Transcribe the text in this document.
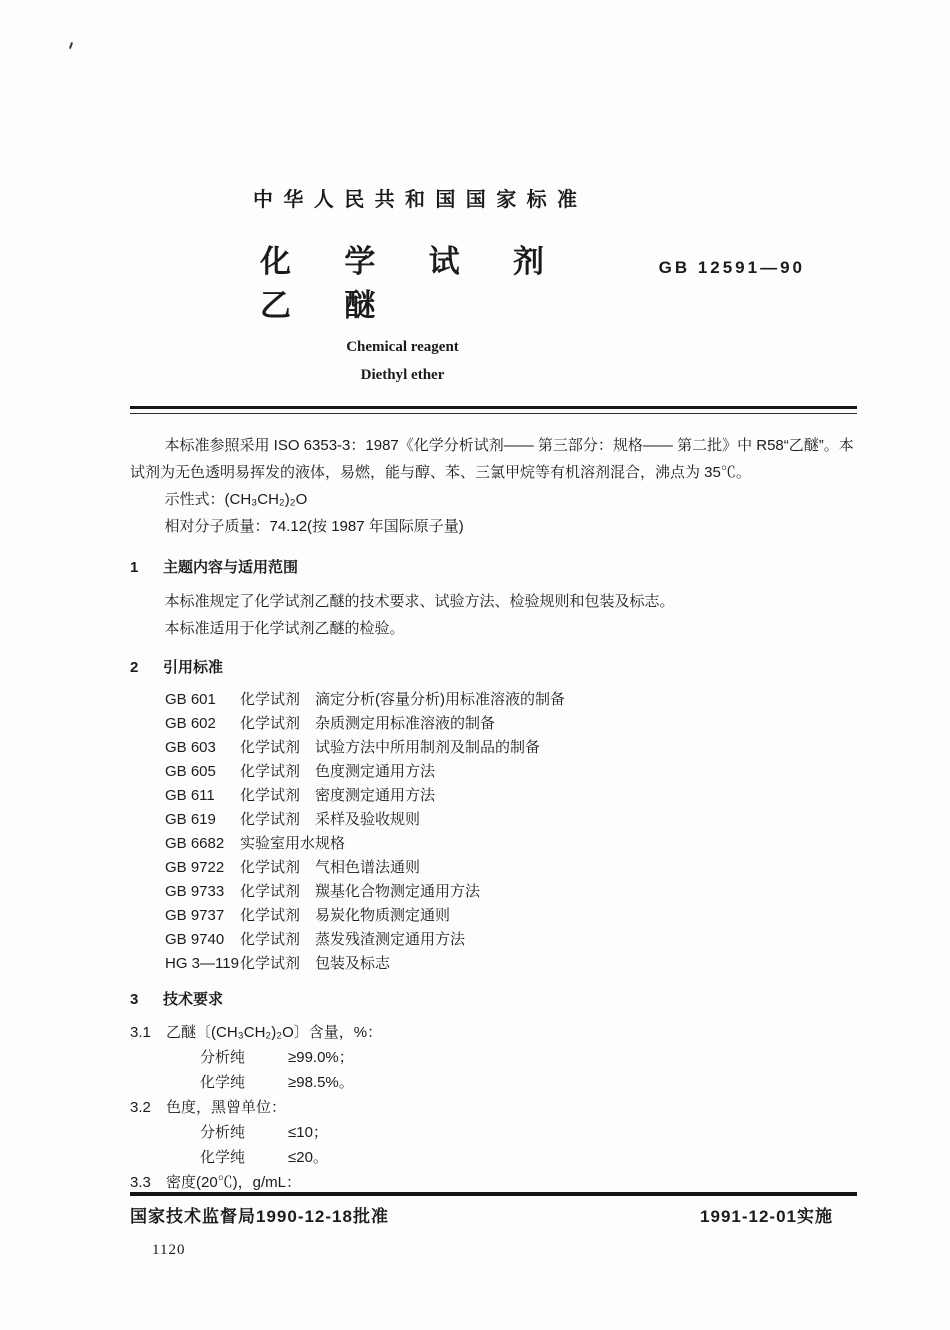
中华人民共和国国家标准
化学试剂
乙醚
GB 12591—90
Chemical reagent
Diethyl ether

本标准参照采用 ISO 6353-3：1987《化学分析试剂—— 第三部分：规格—— 第二批》中 R58“乙醚”。本试剂为无色透明易挥发的液体，易燃，能与醇、苯、三氯甲烷等有机溶剂混合，沸点为 35℃。

示性式：(CH₃CH₂)₂O

相对分子质量：74.12(按 1987 年国际原子量)

1 主题内容与适用范围

本标准规定了化学试剂乙醚的技术要求、试验方法、检验规则和包装及标志。

本标准适用于化学试剂乙醚的检验。

2 引用标准
GB 601	化学试剂　滴定分析(容量分析)用标准溶液的制备
GB 602	化学试剂　杂质测定用标准溶液的制备
GB 603	化学试剂　试验方法中所用制剂及制品的制备
GB 605	化学试剂　色度测定通用方法
GB 611	化学试剂　密度测定通用方法
GB 619	化学试剂　采样及验收规则
GB 6682	实验室用水规格
GB 9722	化学试剂　气相色谱法通则
GB 9733	化学试剂　羰基化合物测定通用方法
GB 9737	化学试剂　易炭化物质测定通则
GB 9740	化学试剂　蒸发残渣测定通用方法
HG 3—119 化学试剂　包装及标志
3 技术要求
3.1	乙醚〔(CH₃CH₂)₂O〕含量，%：
分析纯	≥99.0%；
化学纯	≥98.5%。
3.2	色度，黑曾单位：
分析纯	≤10；
化学纯	≤20。
3.3	密度(20℃)，g/mL：
国家技术监督局1990-12-18批准	1991-12-01实施
1120
